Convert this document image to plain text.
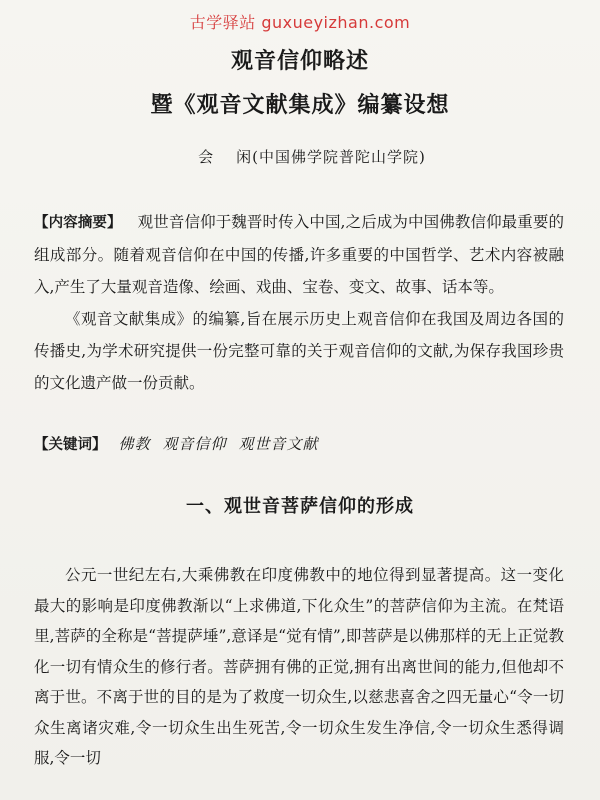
古学驿站 guxueyizhan.com
观音信仰略述
暨《观音文献集成》编纂设想
会 闲(中国佛学院普陀山学院)

【内容摘要】 观世音信仰于魏晋时传入中国,之后成为中国佛教信仰最重要的组成部分。随着观音信仰在中国的传播,许多重要的中国哲学、艺术内容被融入,产生了大量观音造像、绘画、戏曲、宝卷、变文、故事、话本等。

《观音文献集成》的编纂,旨在展示历史上观音信仰在我国及周边各国的传播史,为学术研究提供一份完整可靠的关于观音信仰的文献,为保存我国珍贵的文化遗产做一份贡献。

【关键词】 佛教 观音信仰 观世音文献
一、观世音菩萨信仰的形成

公元一世纪左右,大乘佛教在印度佛教中的地位得到显著提高。这一变化最大的影响是印度佛教渐以“上求佛道,下化众生”的菩萨信仰为主流。在梵语里,菩萨的全称是“菩提萨埵”,意译是“觉有情”,即菩萨是以佛那样的无上正觉教化一切有情众生的修行者。菩萨拥有佛的正觉,拥有出离世间的能力,但他却不离于世。不离于世的目的是为了救度一切众生,以慈悲喜舍之四无量心“令一切众生离诸灾难,令一切众生出生死苦,令一切众生发生净信,令一切众生悉得调服,令一切
